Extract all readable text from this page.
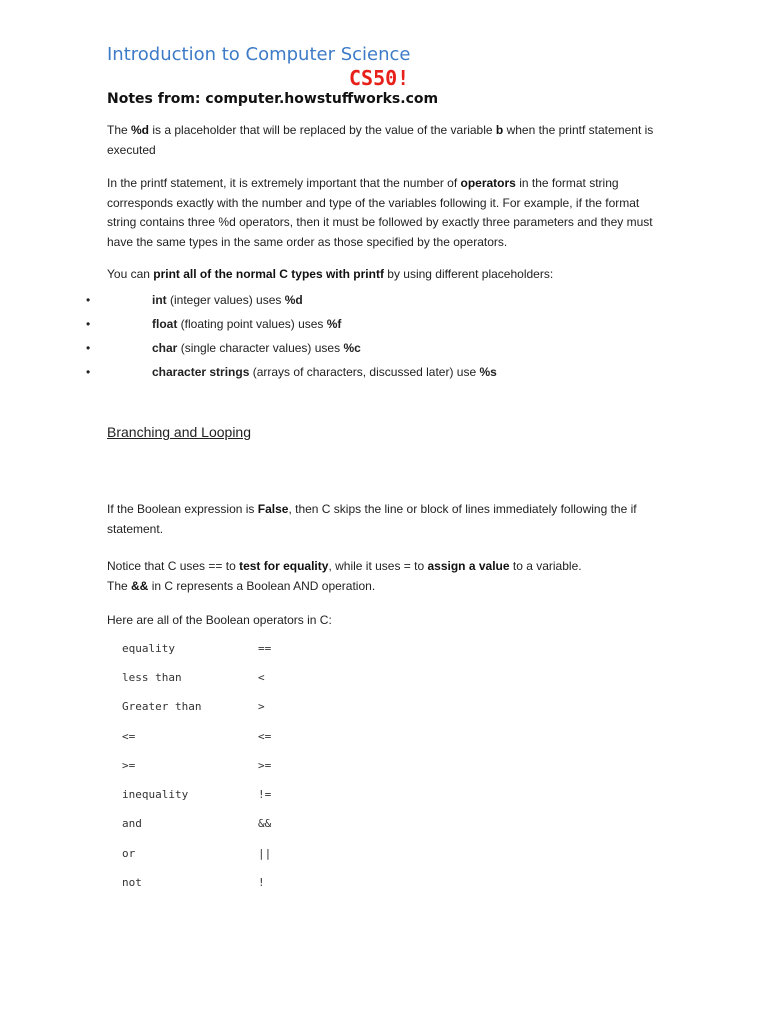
Introduction to Computer Science
CS50!
Notes from: computer.howstuffworks.com
The %d is a placeholder that will be replaced by the value of the variable b when the printf statement is executed
In the printf statement, it is extremely important that the number of operators in the format string corresponds exactly with the number and type of the variables following it. For example, if the format string contains three %d operators, then it must be followed by exactly three parameters and they must have the same types in the same order as those specified by the operators.
You can print all of the normal C types with printf by using different placeholders:
•	int (integer values) uses %d
•	float (floating point values) uses %f
•	char (single character values) uses %c
•	character strings (arrays of characters, discussed later) use %s
Branching and Looping
If the Boolean expression is False, then C skips the line or block of lines immediately following the if statement.
Notice that C uses == to test for equality, while it uses = to assign a value to a variable.
The && in C represents a Boolean AND operation.
Here are all of the Boolean operators in C:
equality	==
less than	<
Greater than	>
<=	<=
>=	>=
inequality	!=
and	&&
or	||
not	!
